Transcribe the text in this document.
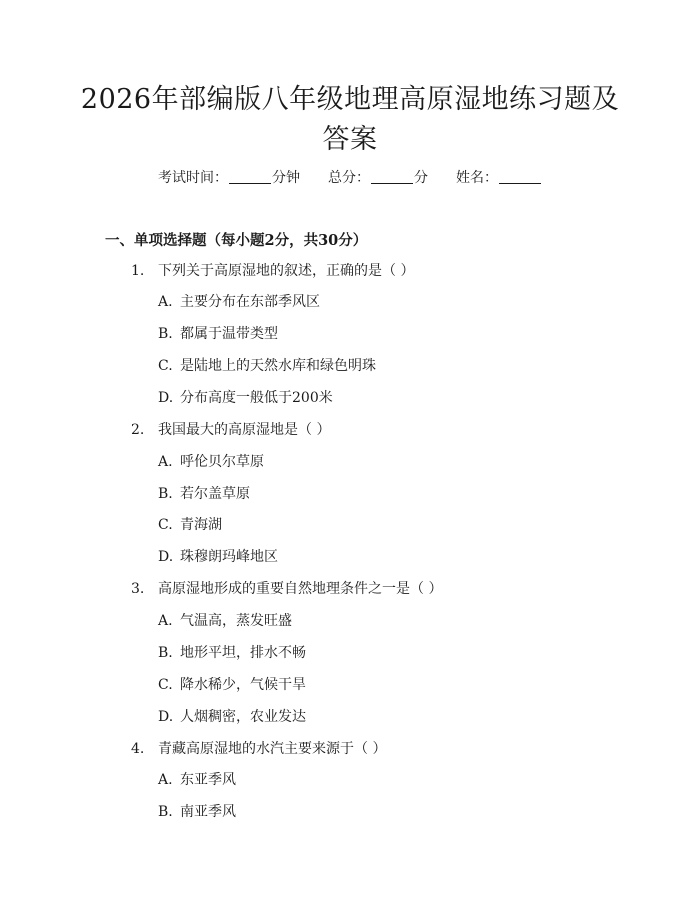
2026年部编版八年级地理高原湿地练习题及答案
考试时间：	分钟 总分：	分 姓名：
一、单项选择题（每小题2分，共30分）
1. 下列关于高原湿地的叙述，正确的是（ ）
A. 主要分布在东部季风区
B. 都属于温带类型
C. 是陆地上的天然水库和绿色明珠
D. 分布高度一般低于200米
2. 我国最大的高原湿地是（ ）
A. 呼伦贝尔草原
B. 若尔盖草原
C. 青海湖
D. 珠穆朗玛峰地区
3. 高原湿地形成的重要自然地理条件之一是（ ）
A. 气温高，蒸发旺盛
B. 地形平坦，排水不畅
C. 降水稀少，气候干旱
D. 人烟稠密，农业发达
4. 青藏高原湿地的水汽主要来源于（ ）
A. 东亚季风
B. 南亚季风
